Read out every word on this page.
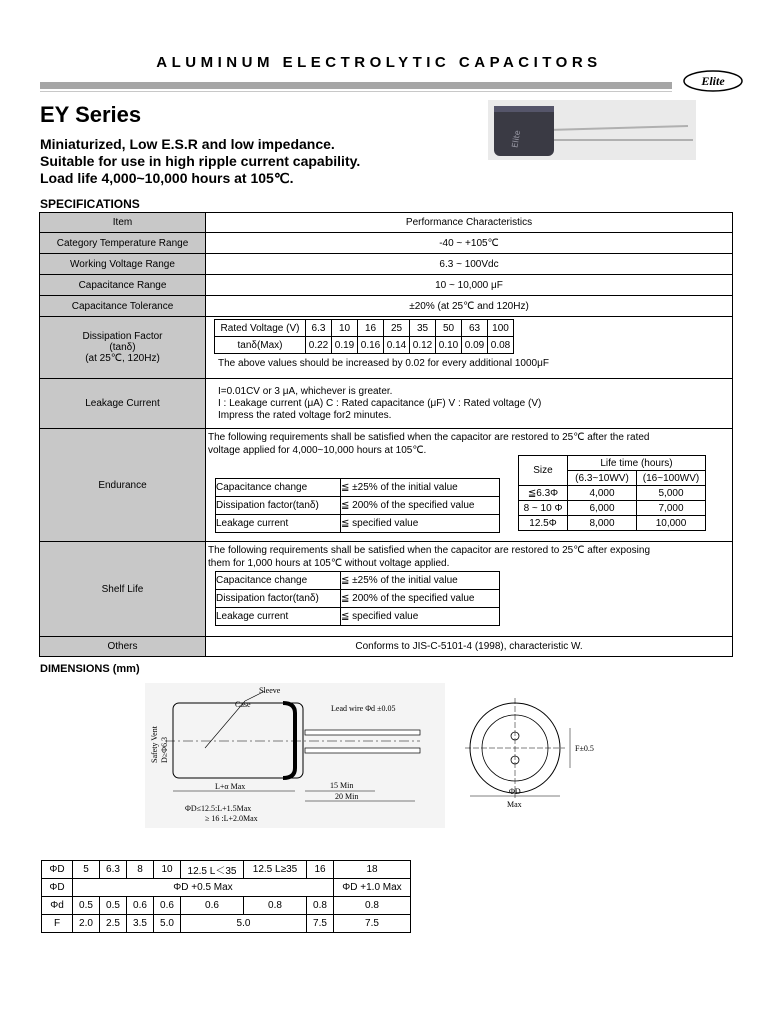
ALUMINUM ELECTROLYTIC CAPACITORS
Elite
EY Series
Elite
Miniaturized, Low E.S.R and low impedance.
Suitable for use in high ripple current capability.
Load life 4,000~10,000 hours at 105℃.
SPECIFICATIONS
Item	Performance Characteristics
Category Temperature Range	-40 ~ +105℃
Working Voltage Range	6.3 ~ 100Vdc
Capacitance Range	10 ~ 10,000 μF
Capacitance Tolerance	±20% (at 25℃ and 120Hz)

Dissipation Factor
(tanδ)
(at 25℃, 120Hz)

Rated Voltage (V)	6.3	10	16	25	35	50	63	100
tanδ(Max)	0.22	0.19	0.16	0.14	0.12	0.10	0.09	0.08
The above values should be increased by 0.02 for every additional 1000μF

Leakage Current	
I=0.01CV or 3 μA, whichever is greater.
I : Leakage current (μA) C : Rated capacitance (μF) V : Rated voltage (V)
Impress the rated voltage for2 minutes.

Endurance	
The following requirements shall be satisfied when the capacitor are restored to 25℃ after the rated
voltage applied for 4,000~10,000 hours at 105℃.
Capacitance change	≦ ±25% of the initial value
Dissipation factor(tanδ)	≦ 200% of the specified value
Leakage current	≦ specified value
Size	Life time (hours)
(6.3~10WV)	(16~100WV)
≦6.3Φ	4,000	5,000
8 ~ 10 Φ	6,000	7,000
12.5Φ	8,000	10,000

Shelf Life	
The following requirements shall be satisfied when the capacitor are restored to 25℃ after exposing
them for 1,000 hours at 105℃ without voltage applied.
Capacitance change	≦ ±25% of the initial value
Dissipation factor(tanδ)	≦ 200% of the specified value
Leakage current	≦ specified value

Others	Conforms to JIS-C-5101-4 (1998), characteristic W.
DIMENSIONS (mm)
Sleeve
Case	Lead wire Φd ±0.05
Safety Vent D≥Φ6.3
L+α Max	15 Min
20 Min
ΦD≤12.5:L+1.5Max
≥ 16 :L+2.0Max
F±0.5
ΦD
Max
ΦD	5	6.3	8	10	12.5 L＜35	12.5 L≥35	16	18
ΦD	ΦD +0.5 Max							ΦD +1.0 Max
Φd	0.5	0.5	0.6	0.6	0.6	0.8	0.8	0.8
F	2.0	2.5	3.5	5.0	5.0		7.5	7.5
